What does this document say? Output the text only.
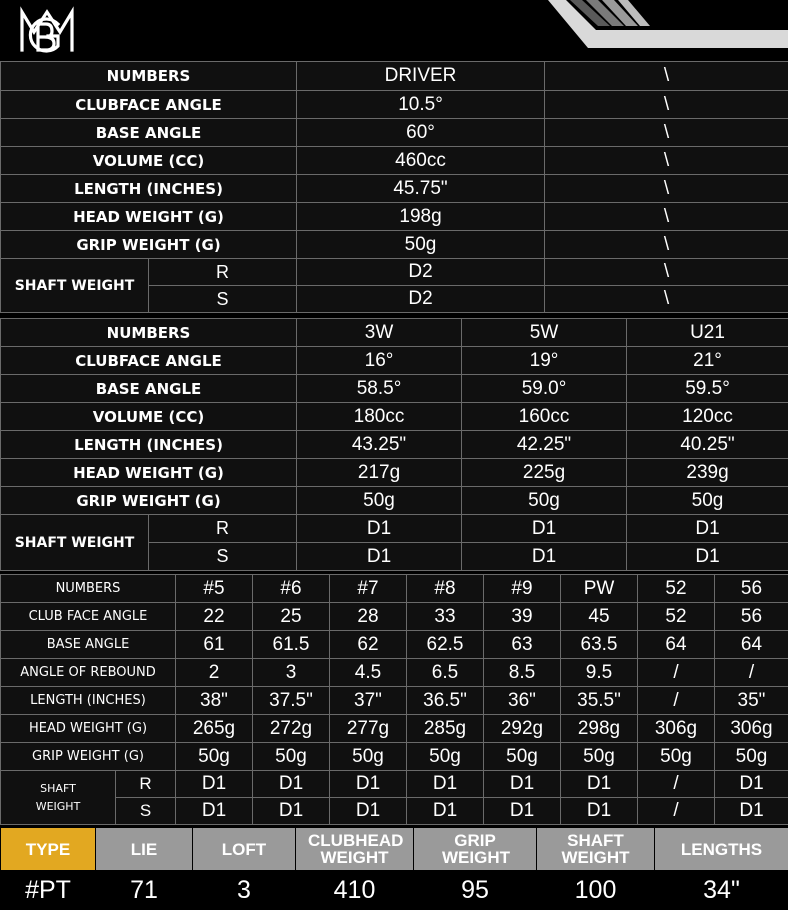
NUMBERS		DRIVER	\
CLUBFACE ANGLE		10.5°	\
BASE ANGLE		60°	\
VOLUME (CC)		460cc	\
LENGTH (INCHES)		45.75"	\
HEAD WEIGHT (G)		198g	\
GRIP WEIGHT (G)		50g	\
SHAFT WEIGHT	R	D2	\
	S	D2	\
NUMBERS		3W	5W	U21
CLUBFACE ANGLE		16°	19°	21°
BASE ANGLE		58.5°	59.0°	59.5°
VOLUME (CC)		180cc	160cc	120cc
LENGTH (INCHES)		43.25"	42.25"	40.25"
HEAD WEIGHT (G)		217g	225g	239g
GRIP WEIGHT (G)		50g	50g	50g
SHAFT WEIGHT	R	D1	D1	D1
	S	D1	D1	D1
NUMBERS		#5	#6	#7	#8	#9	PW	52	56
CLUB FACE ANGLE		22	25	28	33	39	45	52	56
BASE ANGLE		61	61.5	62	62.5	63	63.5	64	64
ANGLE OF REBOUND		2	3	4.5	6.5	8.5	9.5	/	/
LENGTH (INCHES)		38"	37.5"	37"	36.5"	36"	35.5"	/	35"
HEAD WEIGHT (G)		265g	272g	277g	285g	292g	298g	306g	306g
GRIP WEIGHT (G)		50g	50g	50g	50g	50g	50g	50g	50g
SHAFT WEIGHT	R	D1	D1	D1	D1	D1	D1	/	D1
	S	D1	D1	D1	D1	D1	D1	/	D1
TYPE	LIE	LOFT	CLUBHEAD WEIGHT	GRIP WEIGHT	SHAFT WEIGHT	LENGTHS
#PT	71	3	410	95	100	34"
